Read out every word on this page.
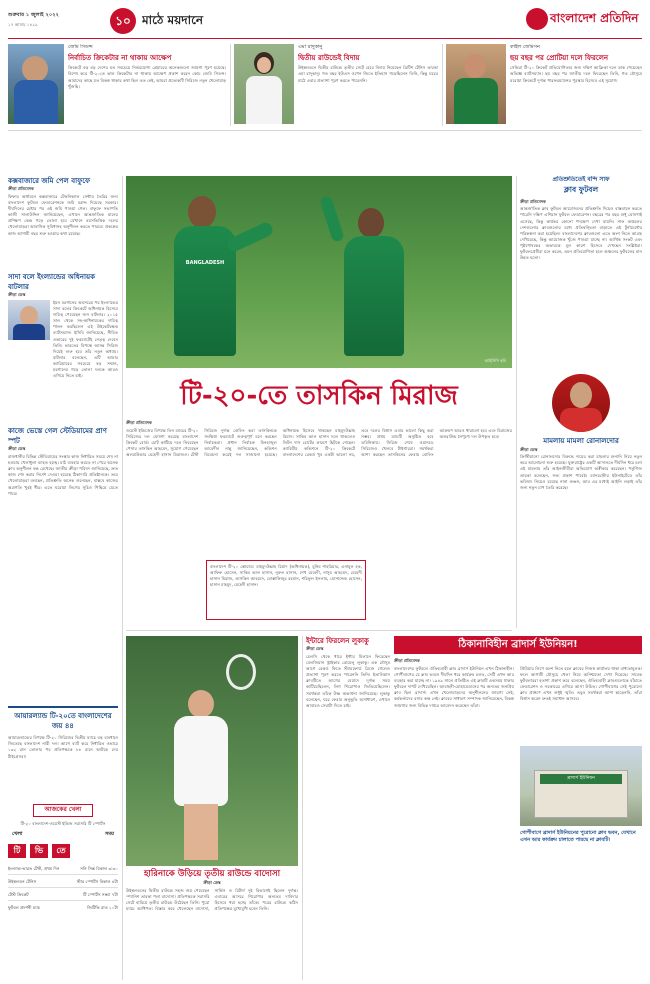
শুক্রবার ১ জুলাই ২০২২
১৭ আষাঢ় ১৪২৯	১০ মাঠে ময়দানে	বাংলাদেশ প্রতিদিন
জেমি সিডন্স
নির্বাচিত ক্রিকেটার না থাকায় আক্ষেপ
ক্রিকেটে বড় বড় দেশের মত সবচেয়ে নির্ভরযোগ্য প্লেয়ারের অনেকগুলো জায়গা পূরণ হয়েছে। বিশেষ করে টি-২০তে ভাল ক্রিকেটার না থাকায় আক্ষেপ প্রকাশ করেন কোচ জেমি সিডন্স। আমাদের কাছে যত বিকল্প থাকার কথা ছিল তত নেই, আমরা প্রত্যেকটি সিরিজে নতুন খেলোয়াড় খুঁজছি।
এমা রাদুকানু
দ্বিতীয় রাউন্ডেই বিদায়
উইম্বলডনে দ্বিতীয় রাউন্ডে তৃতীয় সেটে হেরে বিদায় নিয়েছেন ব্রিটিশ টেনিস তারকা এমা রাদুকানু। গত বছর ইউএস ওপেন জিতে ইতিহাস গড়েছিলেন তিনি, কিন্তু ঘরের মাঠে এবার প্রত্যাশা পূরণ করতে পারেননি।
কাইল জেমিসন
ছয় বছর পর প্রোটিয়া দলে ফিরলেন
সেভিরা টি-২০ ক্রিকেট প্রতিযোগিতার জন্য দক্ষিণ আফ্রিকা দলে ডাক পেয়েছেন অভিজ্ঞ ব্যাটসম্যান। ছয় বছর পর জাতীয় দলে ফিরেছেন তিনি, গত মৌসুমে ঘরোয়া ক্রিকেটে দুর্দান্ত পারফরম্যান্সের পুরস্কার হিসেবে এই সুযোগ।
কক্সবাজারে জমি পেল বাফুফে
ক্রীড়া প্রতিবেদক
ফিফার অর্থায়নে কক্সবাজারে টেকনিক্যাল সেন্টার তৈরির জন্য বাংলাদেশ ফুটবল ফেডারেশনকে জমি বরাদ্দ দিয়েছে সরকার। দীর্ঘদিনের চেষ্টার পর এই জমি পাওয়া গেল। বাফুফে সভাপতি কাজী সালাউদ্দিন জানিয়েছেন, এখানে আন্তর্জাতিক মানের প্রশিক্ষণ কেন্দ্র গড়ে তোলা হবে যেখানে বয়সভিত্তিক দলের খেলোয়াড়রা আবাসিক সুবিধাসহ অনুশীলন করতে পারবে। প্রকল্পের কাজ আগামী বছর শুরু হওয়ার কথা রয়েছে।
সাদা বলে ইংল্যান্ডের অধিনায়ক বাটলার
ক্রীড়া ডেস্ক
ইয়ন মরগানের অবসরের পর ইংল্যান্ডের সাদা বলের ক্রিকেটে অধিনায়ক হিসেবে দায়িত্ব পেয়েছেন জস বাটলার। ২০১৫ সাল থেকে সহ-অধিনায়কের দায়িত্ব পালন করছিলেন এই উইকেটরক্ষক ব্যাটসম্যান। ইসিবি জানিয়েছে, সীমিত ওভারের দুই ফরম্যাটেই নেতৃত্ব দেবেন তিনি। ভারতের বিপক্ষে আসন্ন সিরিজ দিয়েই শুরু হবে তাঁর নতুন অধ্যায়। বাটলার বলেছেন, এটি আমার ক্যারিয়ারের সবচেয়ে বড় সম্মান, মরগানের গড়ে তোলা দলকে আরও এগিয়ে নিতে চাই।
কাজে ভেস্তে গেল স্টেডিয়ামের প্রাণ স্পট
ক্রীড়া ডেস্ক
রাজধানীর বিভিন্ন স্টেডিয়ামের সংস্কার কাজ নির্ধারিত সময়ে শেষ না হওয়ায় খেলাধুলা ব্যাহত হচ্ছে। মাঠ ব্যবহার করতে না পেরে অনেক ক্লাব অনুশীলন বন্ধ রেখেছে। জাতীয় ক্রীড়া পরিষদ জানিয়েছে, দ্রুত কাজ শেষ করার নির্দেশ দেওয়া হয়েছে ঠিকাদারি প্রতিষ্ঠানকে। তবে খেলোয়াড়রা বলছেন, প্রতিশ্রুতি অনেক শুনেছেন, বাস্তবে কাজের অগ্রগতি খুবই ধীর। এতে ঘরোয়া লিগের সূচিও পিছিয়ে যেতে পারে।
আয়ারল্যান্ড টি-২০তে বাংলাদেশের জয় ৪৪
আয়ারল্যান্ডের বিপক্ষে টি-২০ সিরিজের দ্বিতীয় ম্যাচে বড় ব্যবধানে জিতেছে বাংলাদেশ নারী দল। আগে ব্যাট করে নির্ধারিত ওভারে ১৩২ রান তোলার পর প্রতিপক্ষকে ৮৮ রানে আটকে দেয় টাইগ্রেসরা।
আজকের খেলা
টি-২০ বাংলাদেশ-ওয়েস্ট ইন্ডিজ সরাসরি টি স্পোর্টস
খেলা	সময়
টি	ভি	তে
ইংল্যান্ড-ভারত টেস্ট, প্রথম দিন	সনি সিক্স বিকাল ৩:৩০
উইম্বলডন টেনিস	স্টার স্পোর্টস বিকাল ৪টা
টেস্ট ক্রিকেট	টি স্পোর্টস সন্ধ্যা ৭টা
ফুটবল প্রদর্শনী ম্যাচ	জিটিভি রাত ১০টা
BANGLADESH
আইসিসি ছবি
টি-২০-তে তাসকিন মিরাজ
ক্রীড়া প্রতিবেদক
ওয়েস্ট ইন্ডিজের বিপক্ষে তিন ম্যাচের টি-২০ সিরিজের দল ঘোষণা করেছে বাংলাদেশ ক্রিকেট বোর্ড। চোট কাটিয়ে দলে ফিরেছেন পেসার তাসকিন আহমেদ, সুযোগ পেয়েছেন অলরাউন্ডার মেহেদী হাসান মিরাজও। টেস্ট সিরিজে দুর্দান্ত বোলিং করা তাসকিনকে সংক্ষিপ্ত ফরম্যাটে গুরুত্বপূর্ণ মনে করছেন নির্বাচকরা। প্রধান নির্বাচক মিনহাজুল আবেদীন নান্নু জানিয়েছেন, কন্ডিশন বিবেচনা করেই দল সাজানো হয়েছে। অধিনায়ক হিসেবে থাকছেন মাহমুদউল্লাহ রিয়াদ। সাকিব আল হাসান দলে থাকলেও লিটন দাস চোটের কারণে ছিটকে গেছেন। ক্যারিবীয় কন্ডিশনে টি-২০ ক্রিকেটে বাংলাদেশের রেকর্ড খুব একটা ভালো নয়, তবে দলের বিশ্বাস এবার ভালো কিছু করা সম্ভব। প্রথম ম্যাচটি অনুষ্ঠিত হবে ডমিনিকায়। সিরিজ শেষে ওয়ানডে সিরিজেও খেলবে টাইগাররা। সমর্থকরা আশা করছেন তাসকিনের ফেরায় বোলিং আক্রমণ আরও ধারালো হবে এবং মিরাজের অলরাউন্ড নৈপুণ্যে দল উপকৃত হবে।
বাংলাদেশ টি-২০ স্কোয়াড: মাহমুদউল্লাহ রিয়াদ (অধিনায়ক), মুনিম শাহরিয়ার, এনামুল হক, আফিফ হোসেন, সাকিব আল হাসান, নুরুল হাসান, শেখ মেহেদী, নাসুম আহমেদ, মেহেদী হাসান মিরাজ, তাসকিন আহমেদ, মোস্তাফিজুর রহমান, শরিফুল ইসলাম, মোসাদ্দেক হোসেন, হাসান মাহমুদ, মেহেদী হাসান।
হারিনাকে উড়িয়ে তৃতীয় রাউন্ডে বাদোসা
ক্রীড়া ডেস্ক
উইম্বলডনের দ্বিতীয় রাউন্ডে সহজ জয় পেয়েছেন স্প্যানিশ তারকা পলা বাদোসা। প্রতিপক্ষকে সরাসরি সেটে হারিয়ে তৃতীয় রাউন্ডে উঠেছেন তিনি। পুরো ম্যাচে আধিপত্য বিস্তার করে খেলেছেন বাদোসা, সার্ভিস ও রিটার্ন দুই বিভাগেই ছিলেন দুর্দান্ত। এবারের আসরে শিরোপার অন্যতম দাবিদার হিসেবে ধরা হচ্ছে তাঁকে। পরের রাউন্ডে কঠিন প্রতিপক্ষের মুখোমুখি হবেন তিনি।
ইন্টারে ফিরলেন লুকাকু
ক্রীড়া ডেস্ক
চেলসি থেকে ধারে ইন্টার মিলানে ফিরেছেন বেলজিয়ান স্ট্রাইকার রোমেলু লুকাকু। এক মৌসুম আগে রেকর্ড ফিতে স্ট্যামফোর্ড ব্রিজে গেলেও প্রত্যাশা পূরণ করতে পারেননি তিনি। ইতালিয়ান ক্লাবটিতে আগের মেয়াদে দুর্দান্ত সময় কাটিয়েছিলেন, লিগ শিরোপাও জিতিয়েছিলেন। সমর্থকরা তাঁকে উষ্ণ অভ্যর্থনা জানিয়েছে। লুকাকু বলেছেন, ঘরে ফেরার অনুভূতি অসাধারণ, এখানে আবারও সেরাটা দিতে চাই।
ঠিকানাবিহীন ব্রাদার্স ইউনিয়ন!
ক্রীড়া প্রতিবেদক
বাংলাদেশের ফুটবলে ঐতিহ্যবাহী ক্লাব ব্রাদার্স ইউনিয়ন এখন ঠিকানাহীন। গোপীবাগের যে ক্লাব ভবনে দীর্ঘদিন ধরে কার্যক্রম চলত, সেটি এখন আর ব্যবহার করা যাচ্ছে না। ১৯৪৯ সালে প্রতিষ্ঠিত এই ক্লাবটি একসময় ঢাকার ফুটবলে দাপট দেখিয়েছিল। আবাহনী-মোহামেডানের পর অন্যতম জনপ্রিয় ক্লাব ছিল ব্রাদার্স। এখন খেলোয়াড়দের অনুশীলনের জায়গা নেই, কর্মকর্তাদের বসার কক্ষ নেই। ক্লাবের সাধারণ সম্পাদক জানিয়েছেন, বিকল্প জায়গার জন্য বিভিন্ন দপ্তরে আবেদন করেছেন তাঁরা।
প্রিমিয়ার লিগে অংশ নিতে হলে ক্লাবের নিজস্ব কার্যালয় থাকা বাধ্যতামূলক। ফলে আগামী মৌসুমে খেলা নিয়ে অনিশ্চয়তা দেখা দিয়েছে। সাবেক ফুটবলাররা হতাশা প্রকাশ করে বলেছেন, ঐতিহ্যবাহী ক্লাবগুলোকে বাঁচাতে ফেডারেশন ও সরকারের এগিয়ে আসা উচিত। গোপীবাগের সেই পুরোনো ক্লাব প্রাঙ্গণে এখন শুধুই স্মৃতি। তবুও সমর্থকরা আশা ছাড়েননি, তাঁরা বিশ্বাস করেন দ্রুতই সমাধান আসবে।
ব্রাদার্স ইউনিয়ন
গোপীবাগে ব্রাদার্স ইউনিয়নের পুরোনো ক্লাব ভবন, যেখানে এখন আর কার্যক্রম চালাতে পারছে না ক্লাবটি।
প্রতিশ্রুতিতেই বন্দি সাফ
ক্লাব ফুটবল
ক্রীড়া প্রতিবেদক
আন্তর্জাতিক ক্লাব ফুটবল আয়োজনের প্রতিশ্রুতি দিয়েও বাস্তবায়ন করতে পারেনি দক্ষিণ এশিয়ান ফুটবল ফেডারেশন। বছরের পর বছর শুধু ঘোষণাই এসেছে, কিন্তু কার্যকর কোনো পদক্ষেপ দেখা যায়নি। সাফ অঞ্চলের দেশগুলোর ক্লাবগুলোর মধ্যে প্রতিদ্বন্দ্বিতা বাড়াতে এই টুর্নামেন্টের পরিকল্পনা করা হয়েছিল। বাংলাদেশের ক্লাবগুলো এতে অংশ নিতে আগ্রহ দেখিয়েছে, কিন্তু আয়োজক খুঁজে পাওয়া যাচ্ছে না। আর্থিক সংকট এবং পৃষ্ঠপোষকের অভাবকে মূল কারণ হিসেবে দেখছেন সংশ্লিষ্টরা। ফুটবলপ্রেমীরা মনে করেন, এমন প্রতিযোগিতা হলে অঞ্চলের ফুটবলের মান উন্নত হতো।
মামলায় মামলা রোনালদোর
ক্রীড়া ডেস্ক
ক্রিস্টিয়ানো রোনালদোর বিরুদ্ধে দায়ের করা মামলার শুনানি নিয়ে নতুন করে আলোচনা শুরু হয়েছে। যুক্তরাষ্ট্রের একটি আদালতে দীর্ঘদিন ধরে চলা এই মামলায় তাঁর আইনজীবীরা অভিযোগ অস্বীকার করেছেন। পর্তুগিজ তারকা বলেছেন, সত্য প্রকাশ পাবেই। ম্যানচেস্টার ইউনাইটেডে তাঁর ভবিষ্যৎ নিয়েও রয়েছে নানা গুঞ্জন, আর এর মধ্যেই আইনি লড়াই তাঁর জন্য নতুন চাপ তৈরি করেছে।
